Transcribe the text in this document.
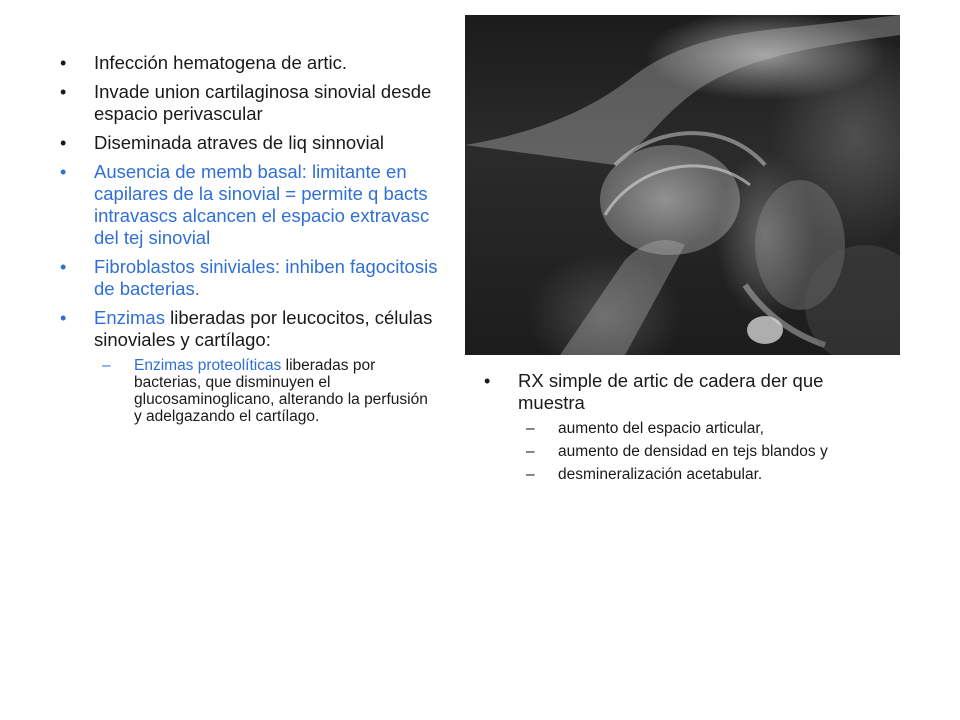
• Infección hematogena de artic.
• Invade union cartilaginosa sinovial desde espacio perivascular
• Diseminada atraves de liq sinnovial
• Ausencia de memb basal: limitante en capilares de la sinovial = permite q bacts intravascs alcancen el espacio extravasc del tej sinovial
• Fibroblastos siniviales: inhiben fagocitosis de bacterias.
• Enzimas liberadas por leucocitos, células sinoviales y cartílago:
– Enzimas proteolíticas liberadas por bacterias, que disminuyen el glucosaminoglicano, alterando la perfusión y adelgazando el cartílago.
• RX simple de artic de cadera der que muestra
– aumento del espacio articular,
– aumento de densidad en tejs blandos y
– desmineralización acetabular.
